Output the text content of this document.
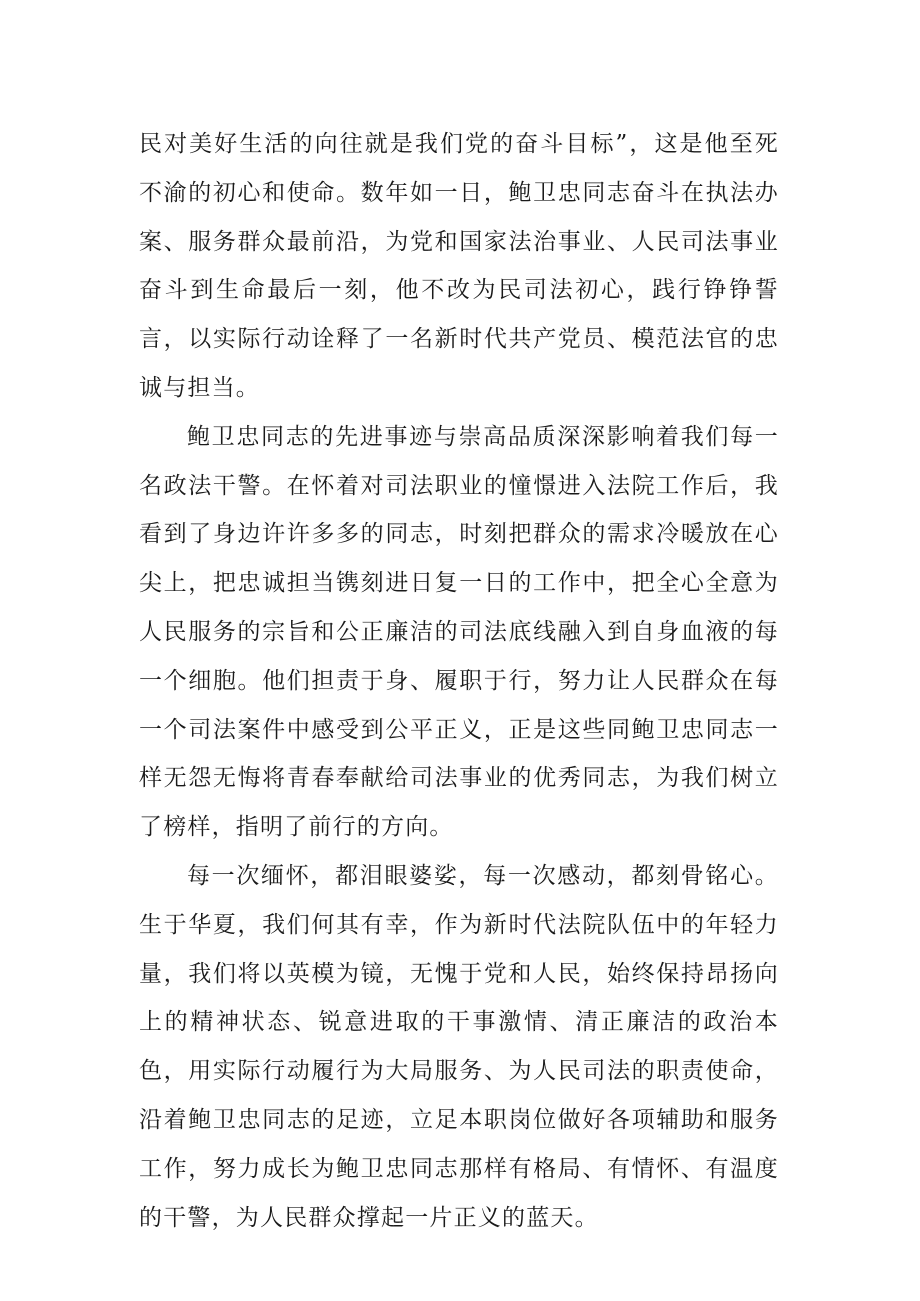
民对美好生活的向往就是我们党的奋斗目标”，这是他至死不渝的初心和使命。数年如一日，鲍卫忠同志奋斗在执法办案、服务群众最前沿，为党和国家法治事业、人民司法事业奋斗到生命最后一刻，他不改为民司法初心，践行铮铮誓言，以实际行动诠释了一名新时代共产党员、模范法官的忠诚与担当。

鲍卫忠同志的先进事迹与崇高品质深深影响着我们每一名政法干警。在怀着对司法职业的憧憬进入法院工作后，我看到了身边许许多多的同志，时刻把群众的需求冷暖放在心尖上，把忠诚担当镌刻进日复一日的工作中，把全心全意为人民服务的宗旨和公正廉洁的司法底线融入到自身血液的每一个细胞。他们担责于身、履职于行，努力让人民群众在每一个司法案件中感受到公平正义，正是这些同鲍卫忠同志一样无怨无悔将青春奉献给司法事业的优秀同志，为我们树立了榜样，指明了前行的方向。

每一次缅怀，都泪眼婆娑，每一次感动，都刻骨铭心。生于华夏，我们何其有幸，作为新时代法院队伍中的年轻力量，我们将以英模为镜，无愧于党和人民，始终保持昂扬向上的精神状态、锐意进取的干事激情、清正廉洁的政治本色，用实际行动履行为大局服务、为人民司法的职责使命，沿着鲍卫忠同志的足迹，立足本职岗位做好各项辅助和服务工作，努力成长为鲍卫忠同志那样有格局、有情怀、有温度的干警，为人民群众撑起一片正义的蓝天。
